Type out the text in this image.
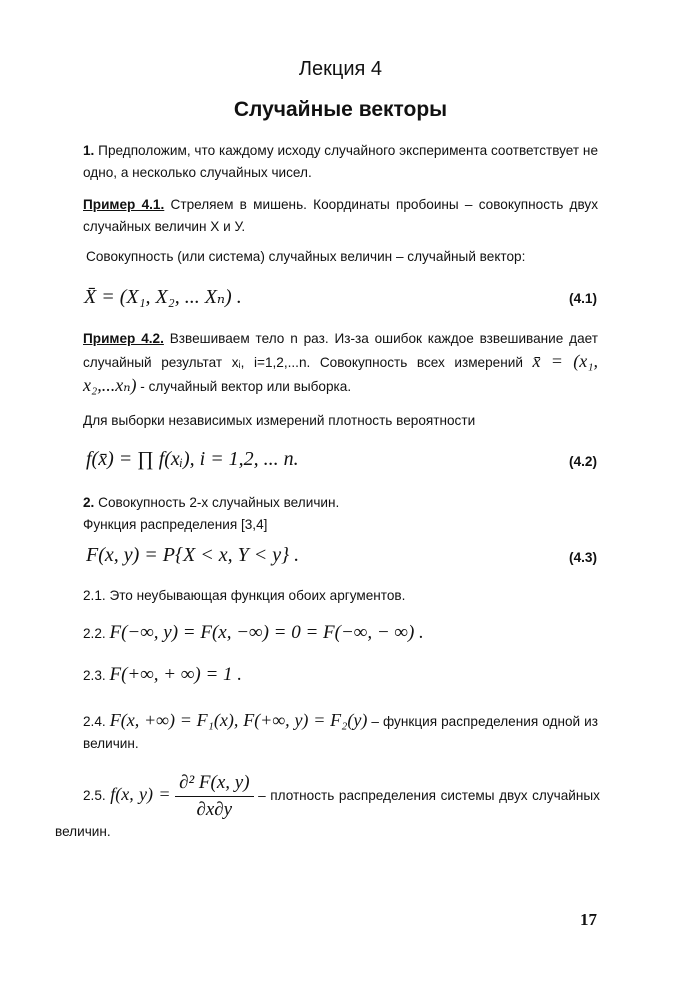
Лекция 4
Случайные векторы
1. Предположим, что каждому исходу случайного эксперимента соответствует не одно, а несколько случайных чисел.
Пример 4.1. Стреляем в мишень. Координаты пробоины – совокупность двух случайных величин X и У.
Совокупность (или система) случайных величин – случайный вектор:
X̄ = (X₁, X₂, ... Xₙ) .	(4.1)
Пример 4.2. Взвешиваем тело n раз. Из-за ошибок каждое взвешивание дает случайный результат xᵢ, i=1,2,...n. Совокупность всех измерений x̄ = (x₁, x₂,...xₙ) - случайный вектор или выборка.
Для выборки независимых измерений плотность вероятности
f(x̄) = ∏ f(xᵢ), i = 1,2, ... n.	(4.2)
2. Совокупность 2-х случайных величин.
Функция распределения [3,4]
F(x, y) = P{X < x, Y < y} .	(4.3)
2.1. Это неубывающая функция обоих аргументов.
2.2. F(−∞, y) = F(x, −∞) = 0 = F(−∞, − ∞) .
2.3. F(+∞, + ∞) = 1 .
2.4. F(x, +∞) = F₁(x), F(+∞, y) = F₂(y) – функция распределения одной из величин.
2.5. f(x, $y) = \frac{\text{∂² F(x, y)}}{\partial x\partial y}$ – плотность распределения системы двух случайных величин.
17
